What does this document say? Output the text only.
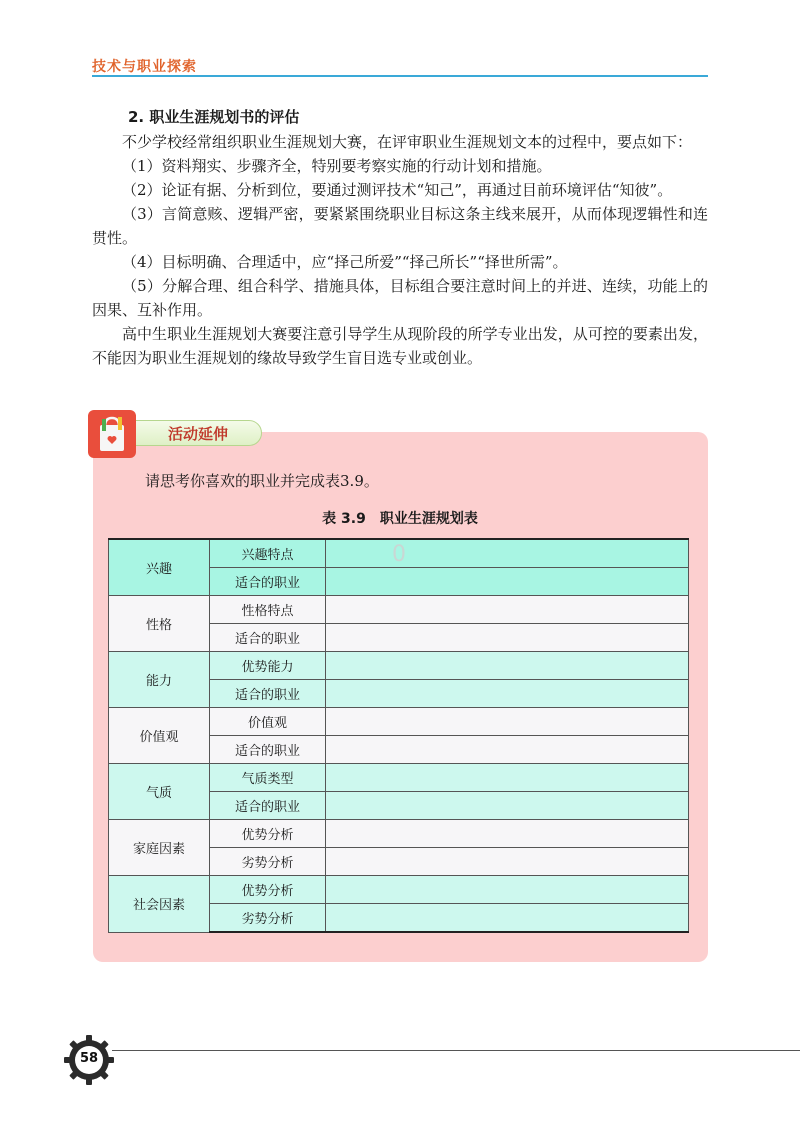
技术与职业探索
2. 职业生涯规划书的评估

不少学校经常组织职业生涯规划大赛，在评审职业生涯规划文本的过程中，要点如下：

（1）资料翔实、步骤齐全，特别要考察实施的行动计划和措施。

（2）论证有据、分析到位，要通过测评技术“知己”，再通过目前环境评估“知彼”。

（3）言简意赅、逻辑严密，要紧紧围绕职业目标这条主线来展开，从而体现逻辑性和连贯性。

（4）目标明确、合理适中，应“择己所爱”“择己所长”“择世所需”。

（5）分解合理、组合科学、措施具体，目标组合要注意时间上的并进、连续，功能上的因果、互补作用。

高中生职业生涯规划大赛要注意引导学生从现阶段的所学专业出发，从可控的要素出发，不能因为职业生涯规划的缘故导致学生盲目选专业或创业。

活动延伸
请思考你喜欢的职业并完成表3.9。
表 3.9　职业生涯规划表
兴趣	兴趣特点	0

	适合的职业	
性格	性格特点	
	适合的职业	
能力	优势能力	
	适合的职业	
价值观	价值观	
	适合的职业	
气质	气质类型	
	适合的职业	
家庭因素	优势分析	
	劣势分析	
社会因素	优势分析	
	劣势分析	
58
